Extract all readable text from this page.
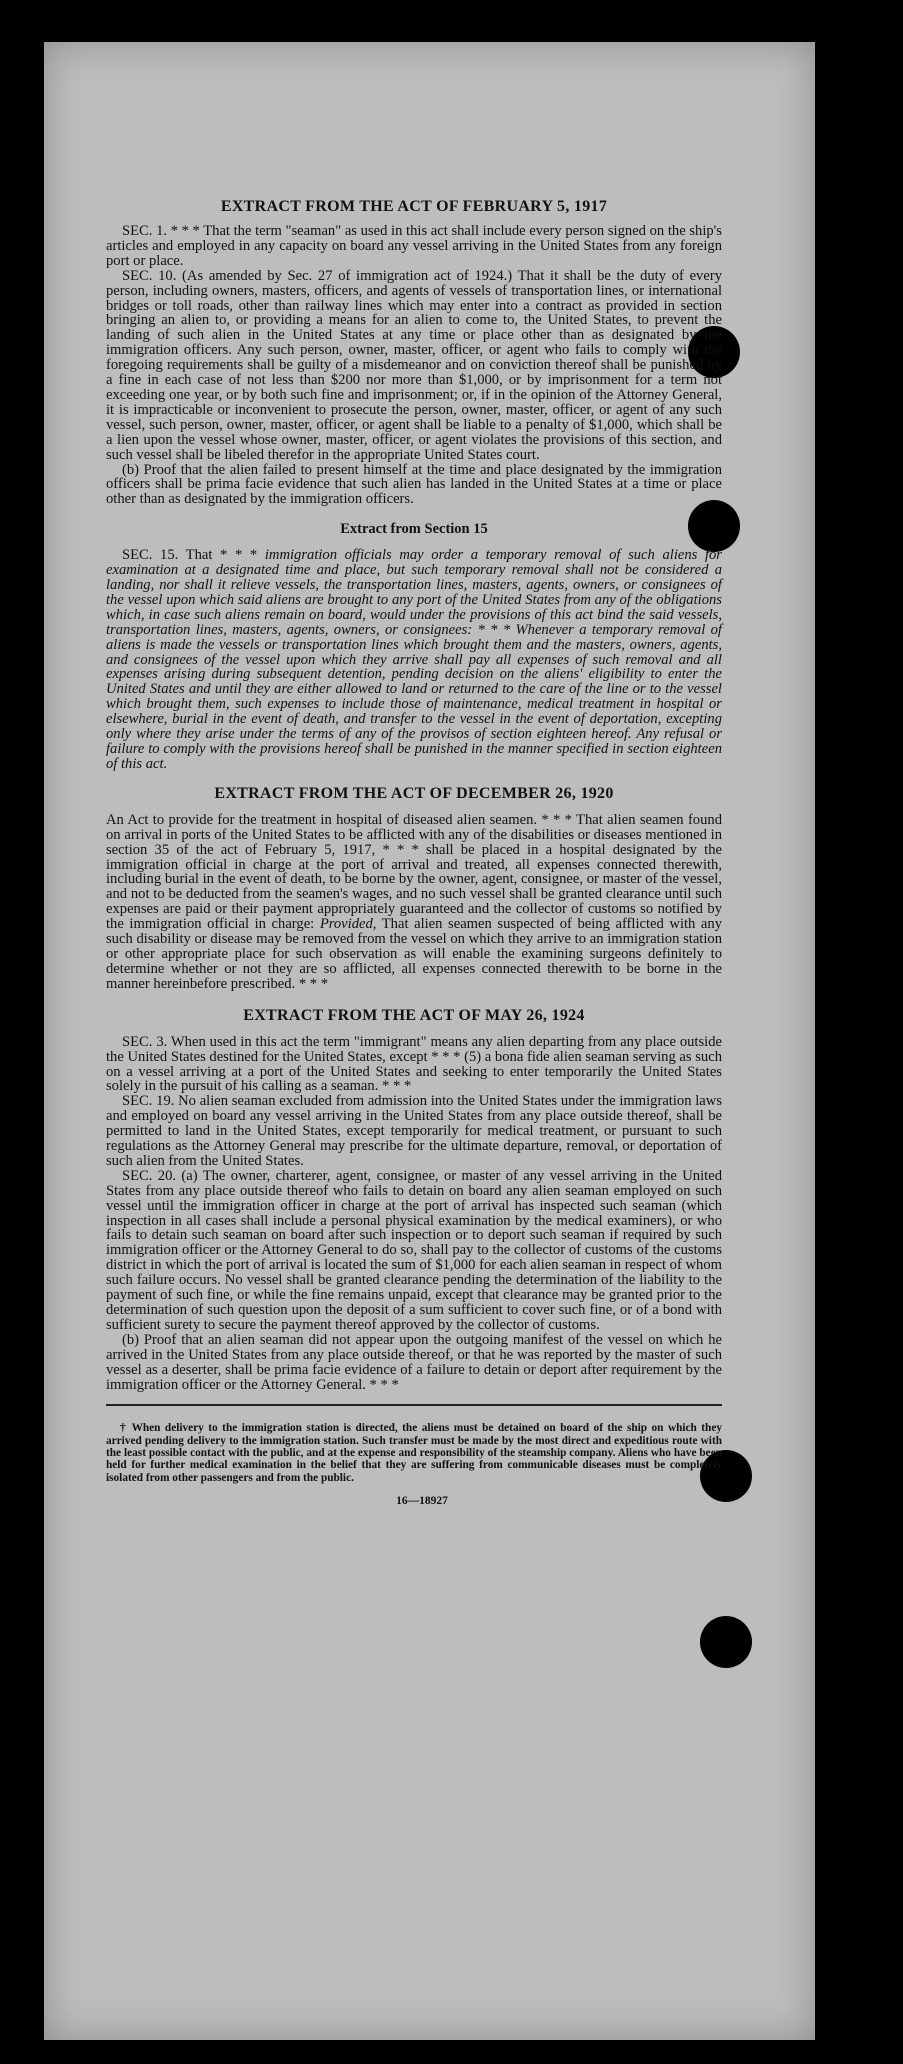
EXTRACT FROM THE ACT OF FEBRUARY 5, 1917

SEC. 1. * * * That the term "seaman" as used in this act shall include every person signed on the ship's articles and employed in any capacity on board any vessel arriving in the United States from any foreign port or place.

SEC. 10. (As amended by Sec. 27 of immigration act of 1924.) That it shall be the duty of every person, including owners, masters, officers, and agents of vessels of transportation lines, or international bridges or toll roads, other than railway lines which may enter into a contract as provided in section bringing an alien to, or providing a means for an alien to come to, the United States, to prevent the landing of such alien in the United States at any time or place other than as designated by the immigration officers. Any such person, owner, master, officer, or agent who fails to comply with the foregoing requirements shall be guilty of a misdemeanor and on conviction thereof shall be punished by a fine in each case of not less than $200 nor more than $1,000, or by imprisonment for a term not exceeding one year, or by both such fine and imprisonment; or, if in the opinion of the Attorney General, it is impracticable or inconvenient to prosecute the person, owner, master, officer, or agent of any such vessel, such person, owner, master, officer, or agent shall be liable to a penalty of $1,000, which shall be a lien upon the vessel whose owner, master, officer, or agent violates the provisions of this section, and such vessel shall be libeled therefor in the appropriate United States court.

(b) Proof that the alien failed to present himself at the time and place designated by the immigration officers shall be prima facie evidence that such alien has landed in the United States at a time or place other than as designated by the immigration officers.

Extract from Section 15

SEC. 15. That * * * immigration officials may order a temporary removal of such aliens for examination at a designated time and place, but such temporary removal shall not be considered a landing, nor shall it relieve vessels, the transportation lines, masters, agents, owners, or consignees of the vessel upon which said aliens are brought to any port of the United States from any of the obligations which, in case such aliens remain on board, would under the provisions of this act bind the said vessels, transportation lines, masters, agents, owners, or consignees: * * * Whenever a temporary removal of aliens is made the vessels or transportation lines which brought them and the masters, owners, agents, and consignees of the vessel upon which they arrive shall pay all expenses of such removal and all expenses arising during subsequent detention, pending decision on the aliens' eligibility to enter the United States and until they are either allowed to land or returned to the care of the line or to the vessel which brought them, such expenses to include those of maintenance, medical treatment in hospital or elsewhere, burial in the event of death, and transfer to the vessel in the event of deportation, excepting only where they arise under the terms of any of the provisos of section eighteen hereof. Any refusal or failure to comply with the provisions hereof shall be punished in the manner specified in section eighteen of this act.

EXTRACT FROM THE ACT OF DECEMBER 26, 1920

An Act to provide for the treatment in hospital of diseased alien seamen. * * * That alien seamen found on arrival in ports of the United States to be afflicted with any of the disabilities or diseases mentioned in section 35 of the act of February 5, 1917, * * * shall be placed in a hospital designated by the immigration official in charge at the port of arrival and treated, all expenses connected therewith, including burial in the event of death, to be borne by the owner, agent, consignee, or master of the vessel, and not to be deducted from the seamen's wages, and no such vessel shall be granted clearance until such expenses are paid or their payment appropriately guaranteed and the collector of customs so notified by the immigration official in charge: Provided, That alien seamen suspected of being afflicted with any such disability or disease may be removed from the vessel on which they arrive to an immigration station or other appropriate place for such observation as will enable the examining surgeons definitely to determine whether or not they are so afflicted, all expenses connected therewith to be borne in the manner hereinbefore prescribed. * * *

EXTRACT FROM THE ACT OF MAY 26, 1924

SEC. 3. When used in this act the term "immigrant" means any alien departing from any place outside the United States destined for the United States, except * * * (5) a bona fide alien seaman serving as such on a vessel arriving at a port of the United States and seeking to enter temporarily the United States solely in the pursuit of his calling as a seaman. * * *

SEC. 19. No alien seaman excluded from admission into the United States under the immigration laws and employed on board any vessel arriving in the United States from any place outside thereof, shall be permitted to land in the United States, except temporarily for medical treatment, or pursuant to such regulations as the Attorney General may prescribe for the ultimate departure, removal, or deportation of such alien from the United States.

SEC. 20. (a) The owner, charterer, agent, consignee, or master of any vessel arriving in the United States from any place outside thereof who fails to detain on board any alien seaman employed on such vessel until the immigration officer in charge at the port of arrival has inspected such seaman (which inspection in all cases shall include a personal physical examination by the medical examiners), or who fails to detain such seaman on board after such inspection or to deport such seaman if required by such immigration officer or the Attorney General to do so, shall pay to the collector of customs of the customs district in which the port of arrival is located the sum of $1,000 for each alien seaman in respect of whom such failure occurs. No vessel shall be granted clearance pending the determination of the liability to the payment of such fine, or while the fine remains unpaid, except that clearance may be granted prior to the determination of such question upon the deposit of a sum sufficient to cover such fine, or of a bond with sufficient surety to secure the payment thereof approved by the collector of customs.

(b) Proof that an alien seaman did not appear upon the outgoing manifest of the vessel on which he arrived in the United States from any place outside thereof, or that he was reported by the master of such vessel as a deserter, shall be prima facie evidence of a failure to detain or deport after requirement by the immigration officer or the Attorney General. * * *

† When delivery to the immigration station is directed, the aliens must be detained on board of the ship on which they arrived pending delivery to the immigration station. Such transfer must be made by the most direct and expeditious route with the least possible contact with the public, and at the expense and responsibility of the steamship company. Aliens who have been held for further medical examination in the belief that they are suffering from communicable diseases must be completely isolated from other passengers and from the public.

16—18927
